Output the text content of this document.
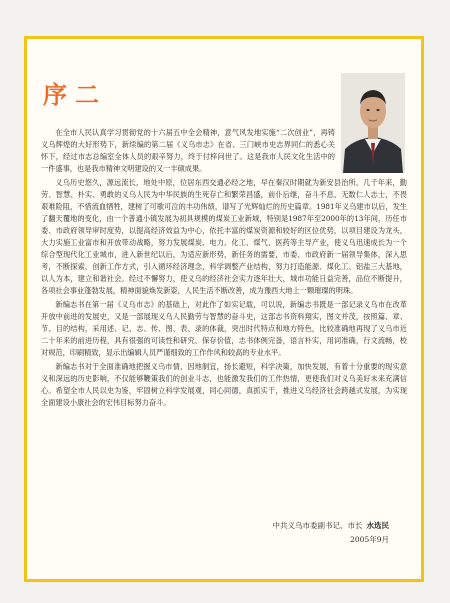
序二

在全市人民认真学习贯彻党的十六届五中全会精神，意气风发地实施“二次创业”，再铸义乌辉煌的大好形势下，新续编的第二届《义乌市志》在省、三门峡市史志界同仁的悉心关怀下，经过市志总编室全体人员的艰辛努力，终于付梓问世了。这是我市人民文化生活中的一件盛事，也是我市精神文明建设的又一丰硕成果。

义乌历史悠久，源远流长，地处中原，位居东西交通必经之地，早在秦汉时期就为新安县治所。几千年来，勤劳、智慧、朴实、勇敢的义乌人民为中华民族的生死存亡和繁荣昌盛，前仆后继，奋斗不息，无数仁人志士，不畏艰难险阻，不惜流血牺牲，建树了可歌可泣的丰功伟绩，谱写了光辉灿烂的历史篇章。1981年义乌建市以后，发生了翻天覆地的变化，由一个普通小镇发展为初具规模的煤炭工业新城，特别是1987年至2000年的13年间，历任市委、市政府领导审时度势，以提高经济效益为中心，依托丰富的煤炭资源和较好的区位优势，以项目建设为龙头，大力实施工业富市和开放带动战略，努力发展煤炭、电力、化工、煤气、医药等主导产业，使义乌迅速成长为一个综合型现代化工业城市，进入新世纪以后，为适应新形势，新任务的需要，市委、市政府新一届领导集体，深入思考，不断探索，创新工作方式，引入循环经济理念，科学调整产业结构，努力打造能源、煤化工、铝盐三大基地，以人为本，建立和谐社会。经过不懈努力，使义乌的经济社会实力逐年壮大，城市功能日益完善，品位不断提升，各项社会事业蓬勃发展，精神面貌焕发新姿，人民生活不断改善，成为豫西大地上一颗璀璨的明珠。

新编志书在第一届《义乌市志》的基础上，对此作了如实记载，可以说，新编志书既是一部记录义乌市在改革开放中前进的发展史，又是一部展现义乌人民勤劳与智慧的奋斗史，这部志书资料翔实，图文并茂，按照篇、章、节、目的结构，采用述、记、志、传、图、表、录的体裁，突出时代特点和地方特色，比较准确地再现了义乌市近二十年来的前进历程，具有很强的可读性和研究、保存价值，志书体例完备，语言朴实，用词准确，行文流畅，校对规范，印刷精致，显示出编辑人员严谨细致的工作作风和较高的专业水平。

新编志书对于全面准确地把握义乌市情，因地制宜，扬长避短，科学决策，加快发展，有着十分重要的现实意义和深远的历史影响，不仅能够鞭策我们的创业斗志，也能激发我们的工作热情，更使我们对义乌美好未来充满信心。希望全市人民以史为鉴，牢固树立科学发展观，同心同德，真抓实干，推进义乌经济社会跨越式发展，为实现全面建设小康社会的宏伟目标努力奋斗。

中共义乌市委副书记、市长 水选民
2005年9月
